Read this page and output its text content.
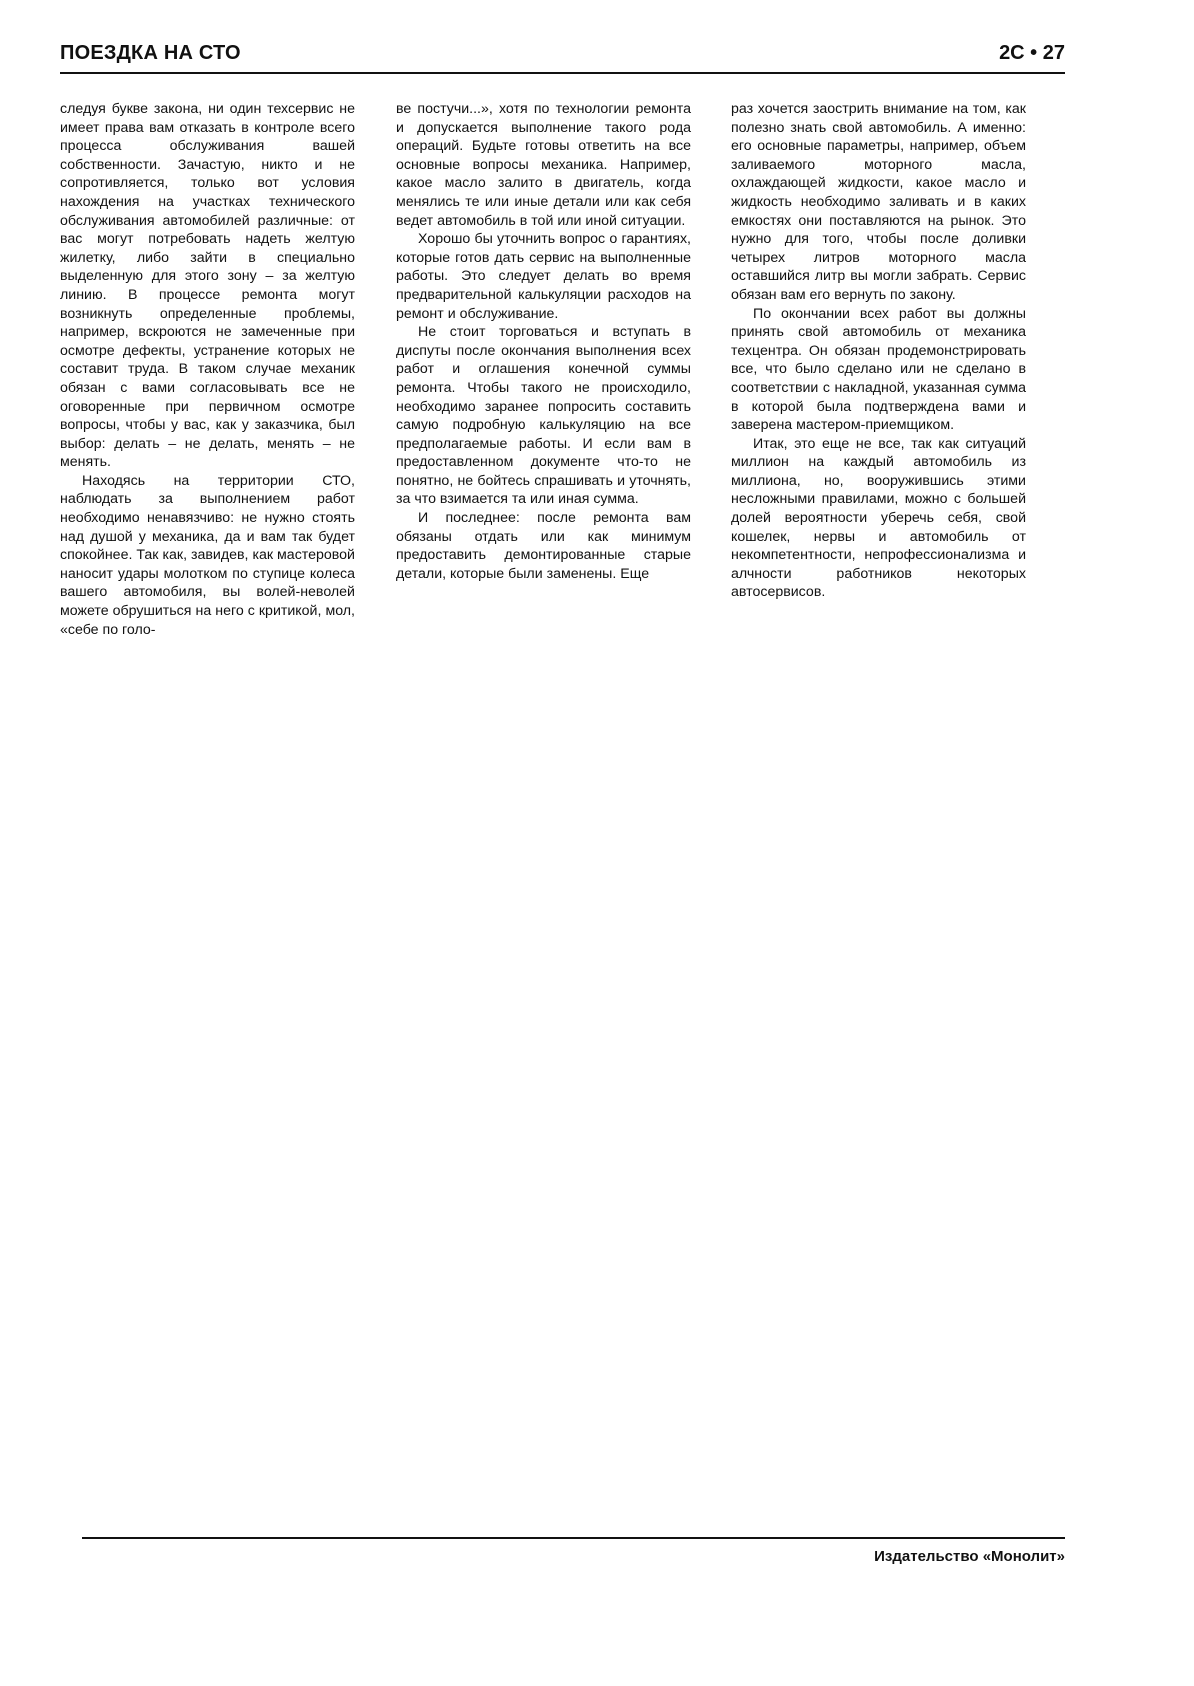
ПОЕЗДКА НА СТО	2С • 27

следуя букве закона, ни один техсервис не имеет права вам отказать в контроле всего процесса обслуживания вашей собственности. Зачастую, никто и не сопротивляется, только вот условия нахождения на участках технического обслуживания автомобилей различные: от вас могут потребовать надеть желтую жилетку, либо зайти в специально выделенную для этого зону – за желтую линию. В процессе ремонта могут возникнуть определенные проблемы, например, вскроются не замеченные при осмотре дефекты, устранение которых не составит труда. В таком случае механик обязан с вами согласовывать все не оговоренные при первичном осмотре вопросы, чтобы у вас, как у заказчика, был выбор: делать – не делать, менять – не менять.

Находясь на территории СТО, наблюдать за выполнением работ необходимо ненавязчиво: не нужно стоять над душой у механика, да и вам так будет спокойнее. Так как, завидев, как мастеровой наносит удары молотком по ступице колеса вашего автомобиля, вы волей-неволей можете обрушиться на него с критикой, мол, «себе по голо-

ве постучи...», хотя по технологии ремонта и допускается выполнение такого рода операций. Будьте готовы ответить на все основные вопросы механика. Например, какое масло залито в двигатель, когда менялись те или иные детали или как себя ведет автомобиль в той или иной ситуации.

Хорошо бы уточнить вопрос о гарантиях, которые готов дать сервис на выполненные работы. Это следует делать во время предварительной калькуляции расходов на ремонт и обслуживание.

Не стоит торговаться и вступать в диспуты после окончания выполнения всех работ и оглашения конечной суммы ремонта. Чтобы такого не происходило, необходимо заранее попросить составить самую подробную калькуляцию на все предполагаемые работы. И если вам в предоставленном документе что-то не понятно, не бойтесь спрашивать и уточнять, за что взимается та или иная сумма.

И последнее: после ремонта вам обязаны отдать или как минимум предоставить демонтированные старые детали, которые были заменены. Еще

раз хочется заострить внимание на том, как полезно знать свой автомобиль. А именно: его основные параметры, например, объем заливаемого моторного масла, охлаждающей жидкости, какое масло и жидкость необходимо заливать и в каких емкостях они поставляются на рынок. Это нужно для того, чтобы после доливки четырех литров моторного масла оставшийся литр вы могли забрать. Сервис обязан вам его вернуть по закону.

По окончании всех работ вы должны принять свой автомобиль от механика техцентра. Он обязан продемонстрировать все, что было сделано или не сделано в соответствии с накладной, указанная сумма в которой была подтверждена вами и заверена мастером-приемщиком.

Итак, это еще не все, так как ситуаций миллион на каждый автомобиль из миллиона, но, вооружившись этими несложными правилами, можно с большей долей вероятности уберечь себя, свой кошелек, нервы и автомобиль от некомпетентности, непрофессионализма и алчности работников некоторых автосервисов.

Издательство «Монолит»
